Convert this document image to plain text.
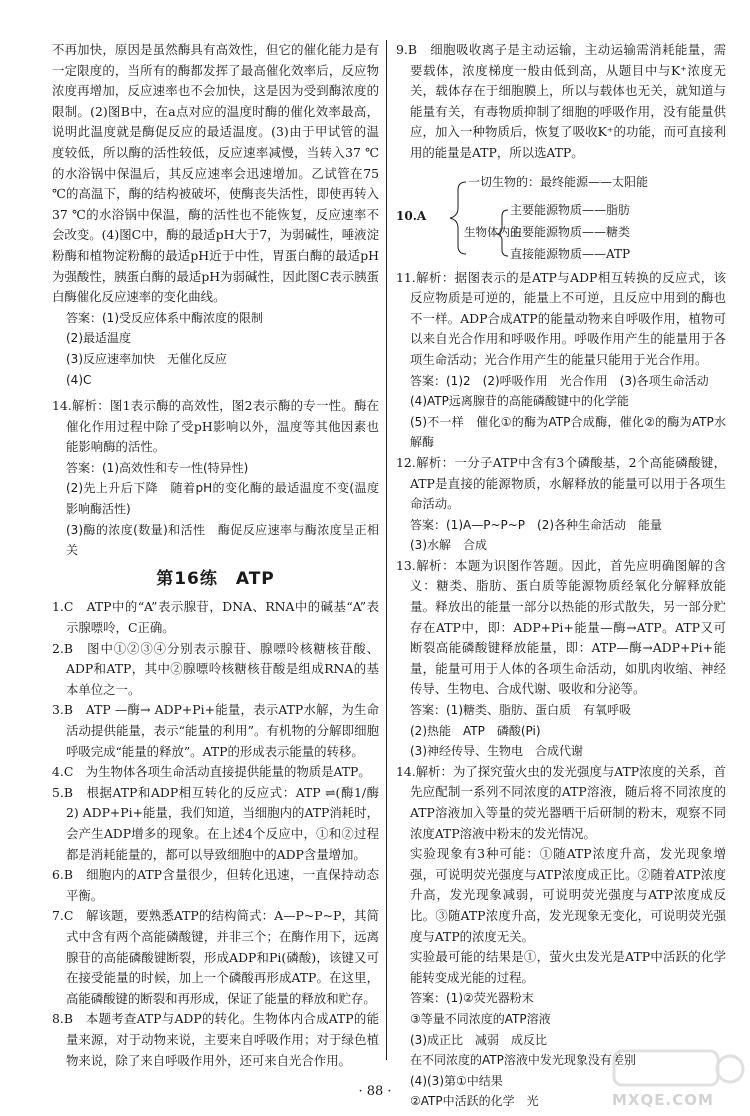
不再加快，原因是虽然酶具有高效性，但它的催化能力是有一定限度的，当所有的酶都发挥了最高催化效率后，反应物浓度再增加，反应速率也不会加快，这是因为受到酶浓度的限制。(2)图B中，在a点对应的温度时酶的催化效率最高，说明此温度就是酶促反应的最适温度。(3)由于甲试管的温度较低，所以酶的活性较低，反应速率减慢，当转入37 ℃的水浴锅中保温后，其反应速率会迅速增加。乙试管在75 ℃的高温下，酶的结构被破坏，使酶丧失活性，即使再转入37 ℃的水浴锅中保温，酶的活性也不能恢复，反应速率不会改变。(4)图C中，酶的最适pH大于7，为弱碱性，唾液淀粉酶和植物淀粉酶的最适pH近于中性，胃蛋白酶的最适pH为强酸性，胰蛋白酶的最适pH为弱碱性，因此图C表示胰蛋白酶催化反应速率的变化曲线。

答案：(1)受反应体系中酶浓度的限制

(2)最适温度

(3)反应速率加快　无催化反应

(4)C

14.解析：图1表示酶的高效性，图2表示酶的专一性。酶在催化作用过程中除了受pH影响以外，温度等其他因素也能影响酶的活性。

答案：(1)高效性和专一性(特异性)

(2)先上升后下降　随着pH的变化酶的最适温度不变(温度影响酶活性)

(3)酶的浓度(数量)和活性　酶促反应速率与酶浓度呈正相关

第16练　ATP

1.C　ATP中的“A”表示腺苷，DNA、RNA中的碱基“A”表示腺嘌呤，C正确。

2.B　图中①②③④分别表示腺苷、腺嘌呤核糖核苷酸、ADP和ATP，其中②腺嘌呤核糖核苷酸是组成RNA的基本单位之一。

3.B　ATP —酶→ ADP+Pi+能量，表示ATP水解，为生命活动提供能量，表示“能量的利用”。有机物的分解即细胞呼吸完成“能量的释放”。ATP的形成表示能量的转移。

4.C　为生物体各项生命活动直接提供能量的物质是ATP。

5.B　根据ATP和ADP相互转化的反应式：ATP ⇌(酶1/酶2) ADP+Pi+能量，我们知道，当细胞内的ATP消耗时，会产生ADP增多的现象。在上述4个反应中，①和②过程都是消耗能量的，都可以导致细胞中的ADP含量增加。

6.B　细胞内的ATP含量很少，但转化迅速，一直保持动态平衡。

7.C　解该题，要熟悉ATP的结构简式：A—P~P~P，其简式中含有两个高能磷酸键，并非三个；在酶作用下，远离腺苷的高能磷酸键断裂，形成ADP和Pi(磷酸)，该键又可在接受能量的时候，加上一个磷酸再形成ATP。在这里，高能磷酸键的断裂和再形成，保证了能量的释放和贮存。

8.B　本题考查ATP与ADP的转化。生物体内合成ATP的能量来源，对于动物来说，主要来自呼吸作用；对于绿色植物来说，除了来自呼吸作用外，还可来自光合作用。

9.B　细胞吸收离子是主动运输，主动运输需消耗能量，需要载体，浓度梯度一般由低到高，从题目中与K⁺浓度无关，载体存在于细胞膜上，所以与载体也无关，就知道与能量有关，有毒物质抑制了细胞的呼吸作用，没有能量供应，加入一种物质后，恢复了吸收K⁺的功能，而可直接利用的能量是ATP，所以选ATP。

10.A
一切生物的：最终能源——太阳能
生物体内的
主要能源物质——脂肪
主要能源物质——糖类
直接能源物质——ATP

11.解析：据图表示的是ATP与ADP相互转换的反应式，该反应物质是可逆的，能量上不可逆，且反应中用到的酶也不一样。ADP合成ATP的能量动物来自呼吸作用，植物可以来自光合作用和呼吸作用。呼吸作用产生的能量用于各项生命活动；光合作用产生的能量只能用于光合作用。

答案：(1)2　(2)呼吸作用　光合作用　(3)各项生命活动

(4)ATP远离腺苷的高能磷酸键中的化学能

(5)不一样　催化①的酶为ATP合成酶，催化②的酶为ATP水解酶

12.解析：一分子ATP中含有3个磷酸基，2个高能磷酸键，ATP是直接的能源物质，水解释放的能量可以用于各项生命活动。

答案：(1)A—P~P~P　(2)各种生命活动　能量

(3)水解　合成

13.解析：本题为识图作答题。因此，首先应明确图解的含义：糖类、脂肪、蛋白质等能源物质经氧化分解释放能量。释放出的能量一部分以热能的形式散失，另一部分贮存在ATP中，即：ADP+Pi+能量—酶→ATP。ATP又可断裂高能磷酸键释放能量，即：ATP—酶→ADP+Pi+能量，能量可用于人体的各项生命活动，如肌肉收缩、神经传导、生物电、合成代谢、吸收和分泌等。

答案：(1)糖类、脂肪、蛋白质　有氧呼吸

(2)热能　ATP　磷酸(Pi)

(3)神经传导、生物电　合成代谢

14.解析：为了探究萤火虫的发光强度与ATP浓度的关系，首先应配制一系列不同浓度的ATP溶液，随后将不同浓度的ATP溶液加入等量的荧光器晒干后研制的粉末，观察不同浓度ATP溶液中粉末的发光情况。

实验现象有3种可能：①随ATP浓度升高，发光现象增强，可说明荧光强度与ATP浓度成正比。②随着ATP浓度升高，发光现象减弱，可说明荧光强度与ATP浓度成反比。③随ATP浓度升高，发光现象无变化，可说明荧光强度与ATP的浓度无关。

实验最可能的结果是①，萤火虫发光是ATP中活跃的化学能转变成光能的过程。

答案：(1)②荧光器粉末

③等量不同浓度的ATP溶液

(3)成正比　减弱　成反比

在不同浓度的ATP溶液中发光现象没有差别

(4)(3)第①中结果

②ATP中活跃的化学　光

· 88 ·	MXQE.COM
